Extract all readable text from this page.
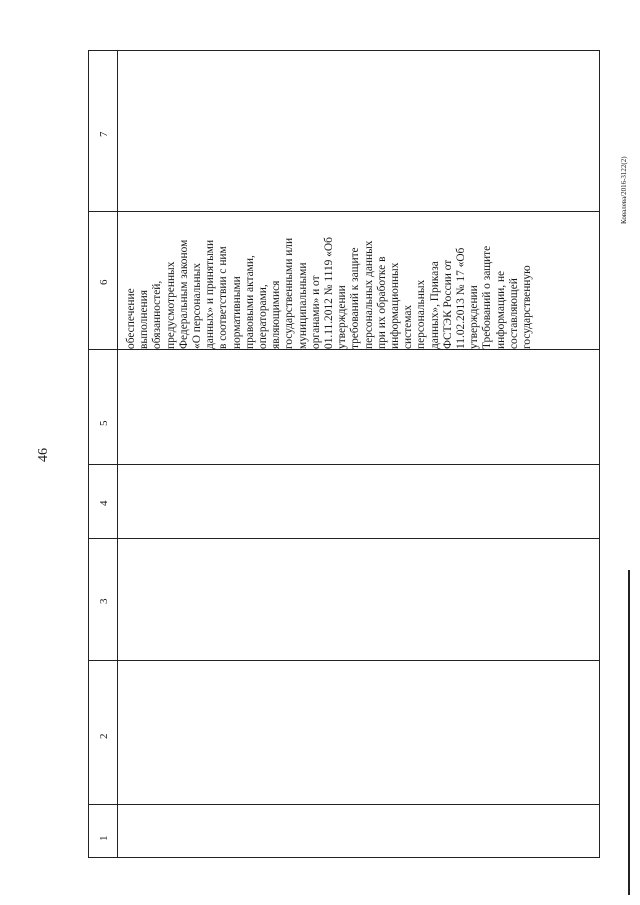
46
1
2
3
4
5
6
7
обеспечение выполнения обязанностей, предусмотренных Федеральным законом «О персональных данных» и принятыми в соответствии с ним нормативными правовыми актами, операторами, являющимися государственными или муниципальными органами» и от 01.11.2012 № 1119 «Об утверждении требований к защите персональных данных при их обработке в информационных системах персональных данных», Приказа ФСТЭК России от 11.02.2013 № 17 «Об утверждении Требований о защите информации, не составляющей государственную
Ковалева/2016-3122(2)
